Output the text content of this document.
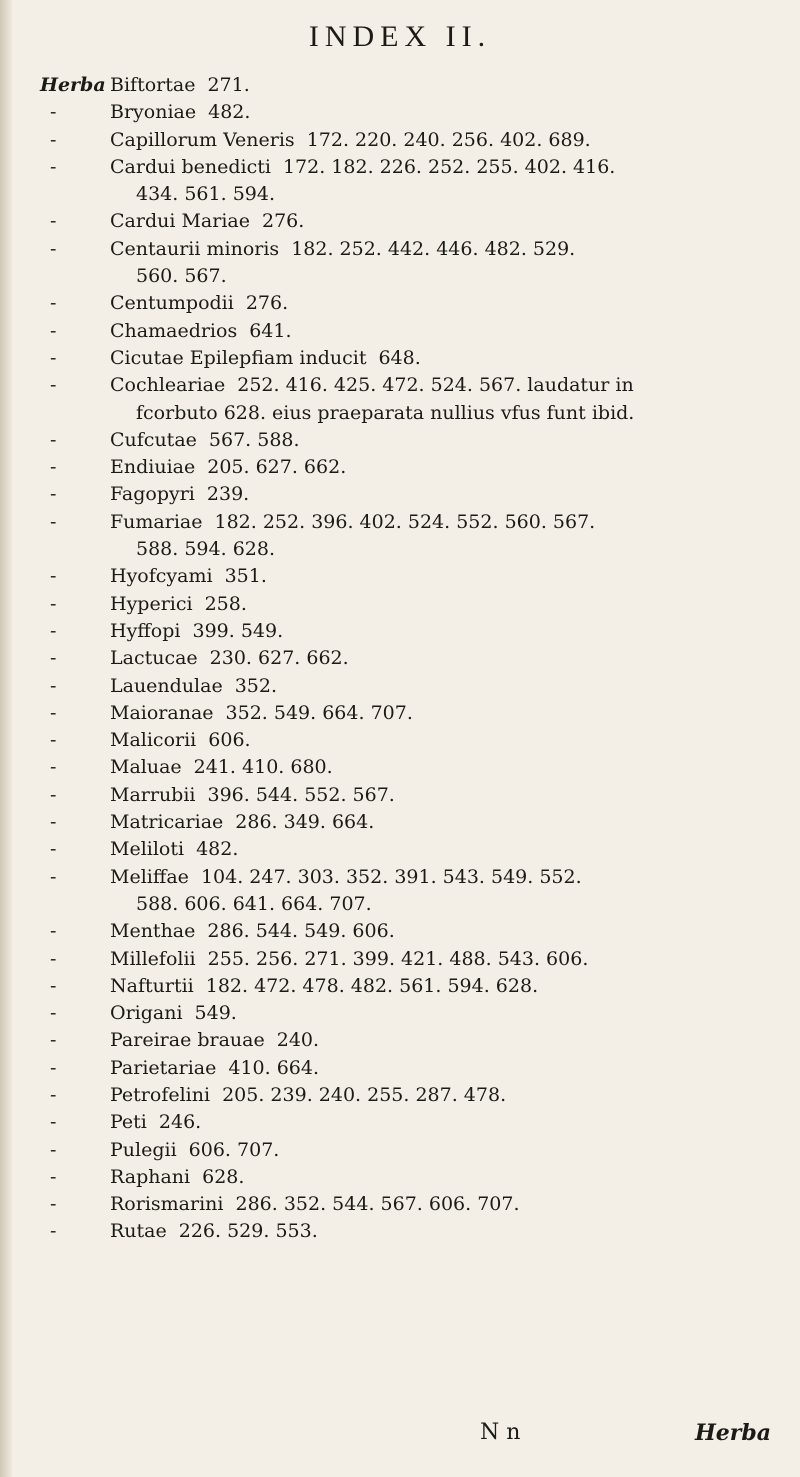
INDEX II.
Herba Biftortae 271.
-	Bryoniae 482.
-	Capillorum Veneris 172. 220. 240. 256. 402. 689.
-	Cardui benedicti 172. 182. 226. 252. 255. 402. 416.
434. 561. 594.
-	Cardui Mariae 276.
-	Centaurii minoris 182. 252. 442. 446. 482. 529.
560. 567.
-	Centumpodii 276.
-	Chamaedrios 641.
-	Cicutae Epilepfiam inducit 648.
-	Cochleariae 252. 416. 425. 472. 524. 567. laudatur in
fcorbuto 628. eius praeparata nullius vfus funt ibid.
-	Cufcutae 567. 588.
-	Endiuiae 205. 627. 662.
-	Fagopyri 239.
-	Fumariae 182. 252. 396. 402. 524. 552. 560. 567.
588. 594. 628.
-	Hyofcyami 351.
-	Hyperici 258.
-	Hyffopi 399. 549.
-	Lactucae 230. 627. 662.
-	Lauendulae 352.
-	Maioranae 352. 549. 664. 707.
-	Malicorii 606.
-	Maluae 241. 410. 680.
-	Marrubii 396. 544. 552. 567.
-	Matricariae 286. 349. 664.
-	Meliloti 482.
-	Meliffae 104. 247. 303. 352. 391. 543. 549. 552.
588. 606. 641. 664. 707.
-	Menthae 286. 544. 549. 606.
-	Millefolii 255. 256. 271. 399. 421. 488. 543. 606.
-	Nafturtii 182. 472. 478. 482. 561. 594. 628.
-	Origani 549.
-	Pareirae brauae 240.
-	Parietariae 410. 664.
-	Petrofelini 205. 239. 240. 255. 287. 478.
-	Peti 246.
-	Pulegii 606. 707.
-	Raphani 628.
-	Rorismarini 286. 352. 544. 567. 606. 707.
-	Rutae 226. 529. 553.
N n	Herba
